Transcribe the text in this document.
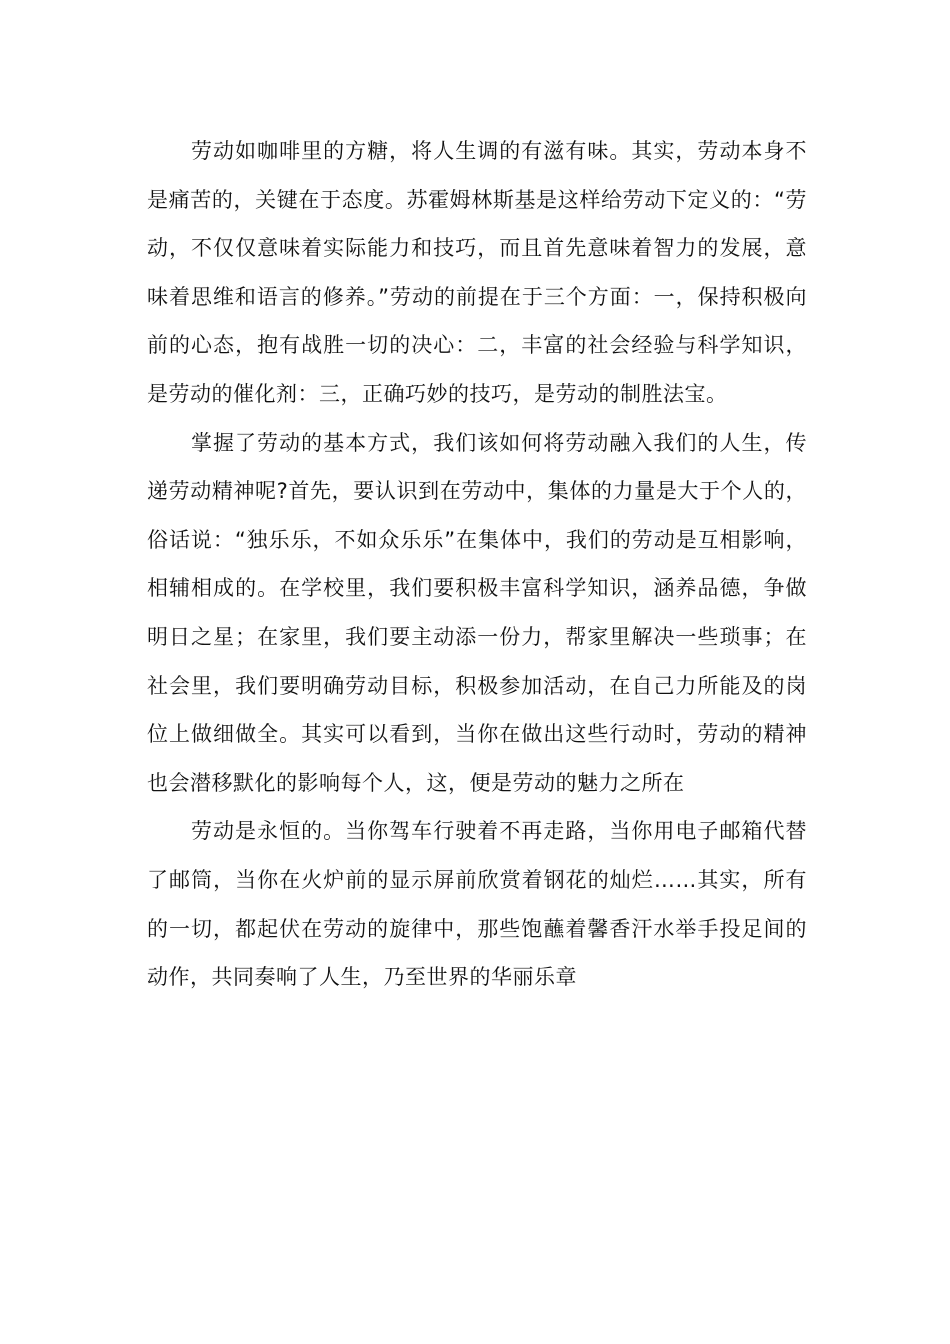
劳动如咖啡里的方糖，将人生调的有滋有味。其实，劳动本身不是痛苦的，关键在于态度。苏霍姆林斯基是这样给劳动下定义的：“劳动，不仅仅意味着实际能力和技巧，而且首先意味着智力的发展，意味着思维和语言的修养。”劳动的前提在于三个方面：一，保持积极向前的心态，抱有战胜一切的决心：二，丰富的社会经验与科学知识，是劳动的催化剂：三，正确巧妙的技巧，是劳动的制胜法宝。

掌握了劳动的基本方式，我们该如何将劳动融入我们的人生，传递劳动精神呢?首先，要认识到在劳动中，集体的力量是大于个人的，俗话说：“独乐乐，不如众乐乐”在集体中，我们的劳动是互相影响，相辅相成的。在学校里，我们要积极丰富科学知识，涵养品德，争做明日之星；在家里，我们要主动添一份力，帮家里解决一些琐事；在社会里，我们要明确劳动目标，积极参加活动，在自己力所能及的岗位上做细做全。其实可以看到，当你在做出这些行动时，劳动的精神也会潜移默化的影响每个人，这，便是劳动的魅力之所在

劳动是永恒的。当你驾车行驶着不再走路，当你用电子邮箱代替了邮筒，当你在火炉前的显示屏前欣赏着钢花的灿烂……其实，所有的一切，都起伏在劳动的旋律中，那些饱蘸着馨香汗水举手投足间的动作，共同奏响了人生，乃至世界的华丽乐章
